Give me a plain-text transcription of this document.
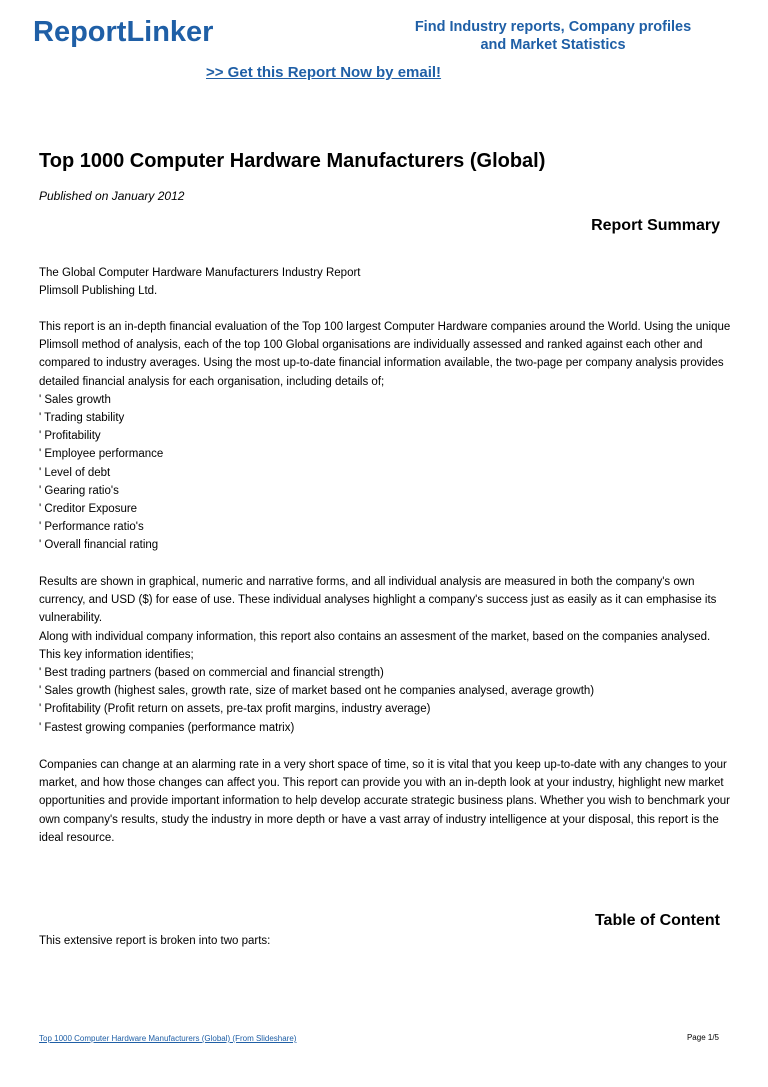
ReportLinker	Find Industry reports, Company profiles
and Market Statistics
>> Get this Report Now by email!
Top 1000 Computer Hardware Manufacturers (Global)
Published on January 2012
Report Summary

The Global Computer Hardware Manufacturers Industry Report

Plimsoll Publishing Ltd.

This report is an in-depth financial evaluation of the Top 100 largest Computer Hardware companies around the World. Using the unique Plimsoll method of analysis, each of the top 100 Global organisations are individually assessed and ranked against each other and compared to industry averages. Using the most up-to-date financial information available, the two-page per company analysis provides detailed financial analysis for each organisation, including details of;

' Sales growth
' Trading stability
' Profitability
' Employee performance
' Level of debt
' Gearing ratio's
' Creditor Exposure
' Performance ratio's
' Overall financial rating

Results are shown in graphical, numeric and narrative forms, and all individual analysis are measured in both the company's own currency, and USD ($) for ease of use. These individual analyses highlight a company's success just as easily as it can emphasise its vulnerability.

Along with individual company information, this report also contains an assesment of the market, based on the companies analysed.

This key information identifies;

' Best trading partners (based on commercial and financial strength)
' Sales growth (highest sales, growth rate, size of market based ont he companies analysed, average growth)
' Profitability (Profit return on assets, pre-tax profit margins, industry average)
' Fastest growing companies (performance matrix)

Companies can change at an alarming rate in a very short space of time, so it is vital that you keep up-to-date with any changes to your market, and how those changes can affect you. This report can provide you with an in-depth look at your industry, highlight new market opportunities and provide important information to help develop accurate strategic business plans. Whether you wish to benchmark your own company's results, study the industry in more depth or have a vast array of industry intelligence at your disposal, this report is the ideal resource.

Table of Content

This extensive report is broken into two parts:

Top 1000 Computer Hardware Manufacturers (Global) (From Slideshare)	Page 1/5
